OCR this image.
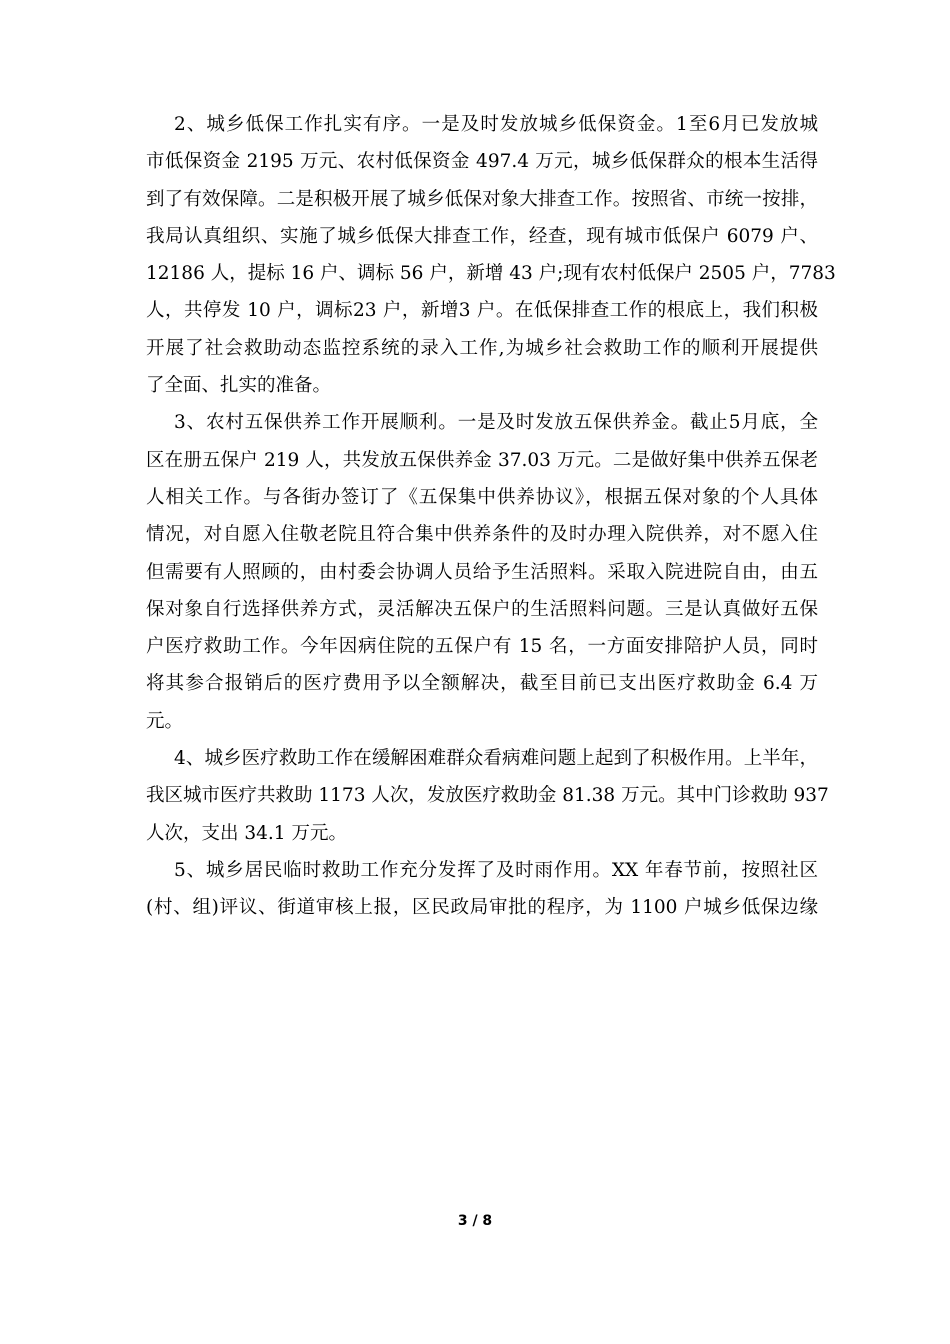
2、城乡低保工作扎实有序。一是及时发放城乡低保资金。1至6月已发放城
市低保资金 2195 万元、农村低保资金 497.4 万元，城乡低保群众的根本生活得
到了有效保障。二是积极开展了城乡低保对象大排查工作。按照省、市统一按排，
我局认真组织、实施了城乡低保大排查工作，经查，现有城市低保户 6079 户、
12186 人，提标 16 户、调标 56 户，新增 43 户;现有农村低保户 2505 户，7783
人，共停发 10 户，调标23 户，新增3 户。在低保排查工作的根底上，我们积极
开展了社会救助动态监控系统的录入工作,为城乡社会救助工作的顺利开展提供
了全面、扎实的准备。
3、农村五保供养工作开展顺利。一是及时发放五保供养金。截止5月底，全
区在册五保户 219 人，共发放五保供养金 37.03 万元。二是做好集中供养五保老
人相关工作。与各街办签订了《五保集中供养协议》，根据五保对象的个人具体
情况，对自愿入住敬老院且符合集中供养条件的及时办理入院供养，对不愿入住
但需要有人照顾的，由村委会协调人员给予生活照料。采取入院进院自由，由五
保对象自行选择供养方式，灵活解决五保户的生活照料问题。三是认真做好五保
户医疗救助工作。今年因病住院的五保户有 15 名，一方面安排陪护人员，同时
将其参合报销后的医疗费用予以全额解决，截至目前已支出医疗救助金 6.4 万
元。
4、城乡医疗救助工作在缓解困难群众看病难问题上起到了积极作用。上半年，
我区城市医疗共救助 1173 人次，发放医疗救助金 81.38 万元。其中门诊救助 937
人次，支出 34.1 万元。
5、城乡居民临时救助工作充分发挥了及时雨作用。XX 年春节前，按照社区
(村、组)评议、街道审核上报，区民政局审批的程序，为 1100 户城乡低保边缘
3 / 8
